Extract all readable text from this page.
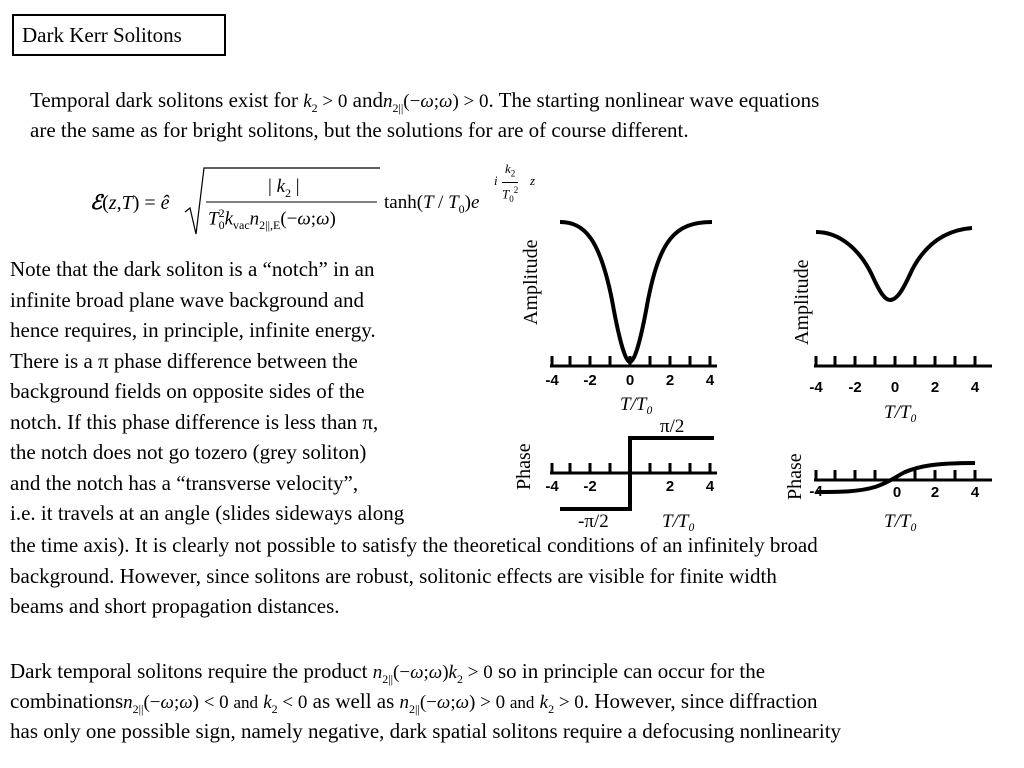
Dark Kerr Solitons
Temporal dark solitons exist for $k_2 > 0$ andn$_{2||}$(−ω;ω) > 0. The starting nonlinear wave equations
are the same as for bright solitons, but the solutions for are of course different.
ℰ(z,T) = ê
| $k_2$ |
$T_0^2k_{vac}n_{2||,E}(-\omega;\omega)$
$\tanh(T / T_0)e$
i
$k_2$
$T_0^2$
z
Note that the dark soliton is a “notch” in an
infinite broad plane wave background and
hence requires, in principle, infinite energy.
There is a π phase difference between the
background fields on opposite sides of the
notch. If this phase difference is less than π,
the notch does not go tozero (grey soliton)
and the notch has a “transverse velocity”,
i.e. it travels at an angle (slides sideways along
Amplitude	Amplitude
Phase	Phase
-4 -2 0 2 4	-4 -2 0 2 4
T/T₀	T/T₀
-4 -2	2 4	-4	0 2 4
π/2
-π/2	T/T₀	T/T₀
the time axis). It is clearly not possible to satisfy the theoretical conditions of an infinitely broad
background. However, since solitons are robust, solitonic effects are visible for finite width
beams and short propagation distances.
Dark temporal solitons require the product $n_{2||}(-\omega;\omega)k_2 > 0$ so in principle can occur for the
combinationsn$_{2||}$(−ω;ω) < 0 and $k_2 < 0$ as well as $n_{2||}(-\omega;\omega) > 0$ and $k_2 > 0$. However, since diffraction
has only one possible sign, namely negative, dark spatial solitons require a defocusing nonlinearity
